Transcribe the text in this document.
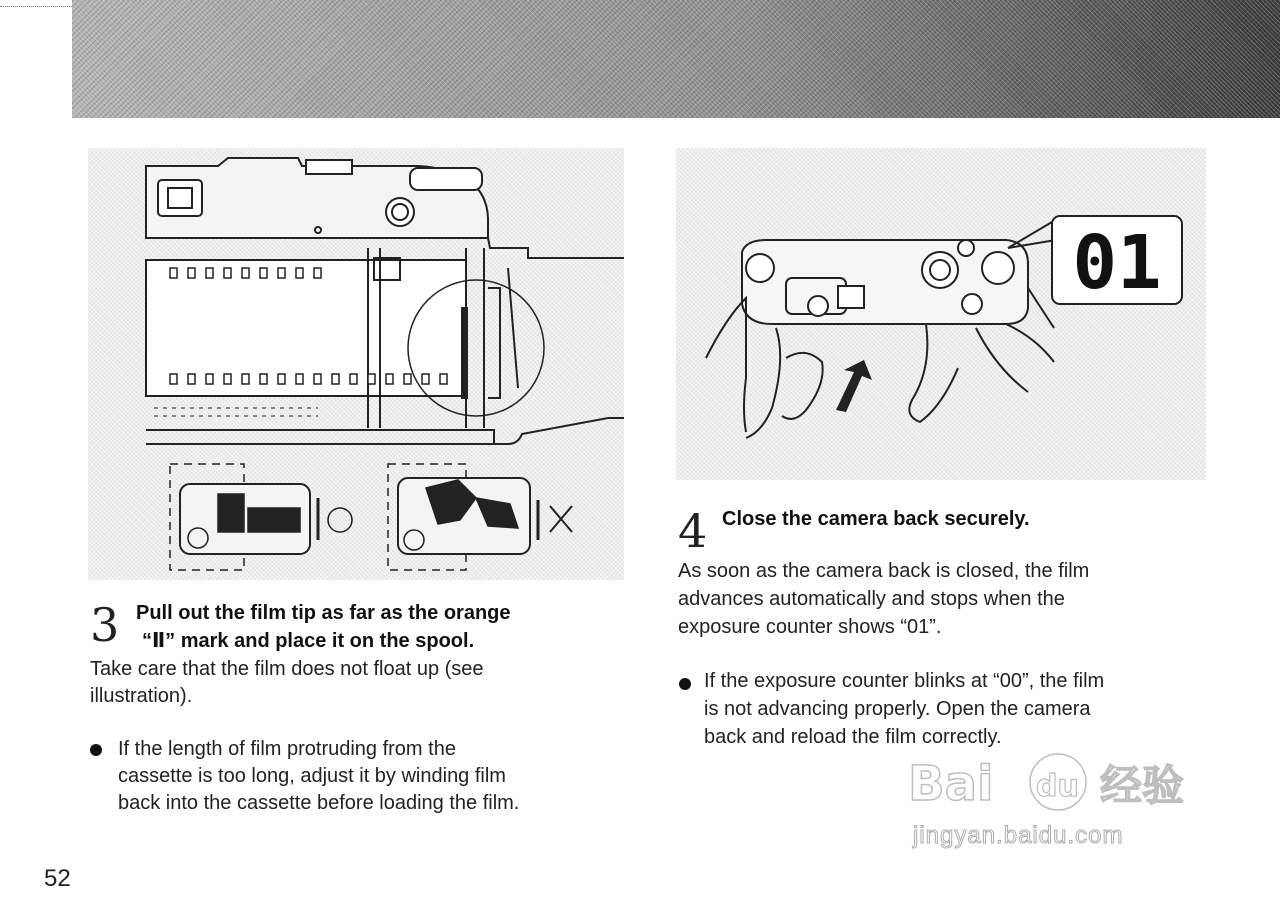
01
3 Pull out the film tip as far as the orange
“Ⅱ” mark and place it on the spool.
Take care that the film does not float up (see
illustration).
If the length of film protruding from the
cassette is too long, adjust it by winding film
back into the cassette before loading the film.
4 Close the camera back securely.
As soon as the camera back is closed, the film
advances automatically and stops when the
exposure counter shows “01”.
If the exposure counter blinks at “00”, the film
is not advancing properly. Open the camera
back and reload the film correctly.
52
Bai du 经验
jingyan.baidu.com
